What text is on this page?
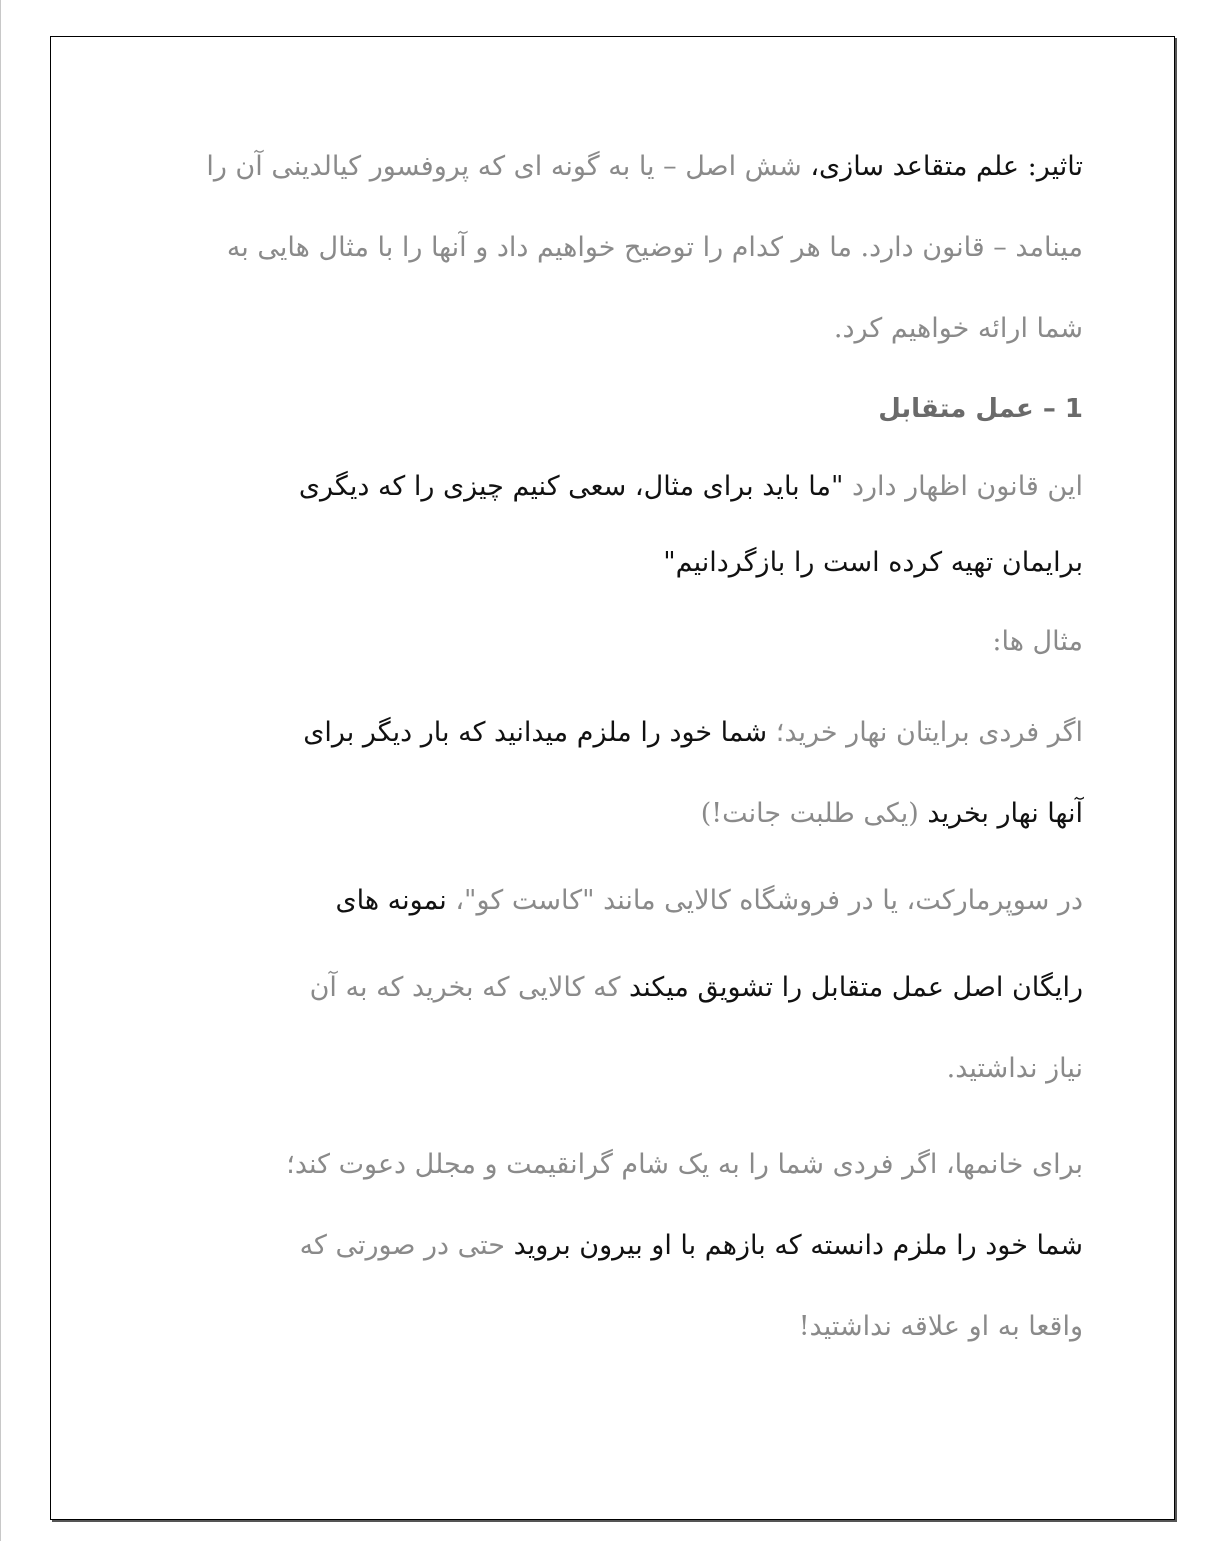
تاثیر: علم متقاعد سازی، شش اصل – یا به گونه ای که پروفسور کیالدینی آن را

مینامد – قانون دارد. ما هر کدام را توضیح خواهیم داد و آنها را با مثال هایی به

شما ارائه خواهیم کرد.

1 – عمل متقابل

این قانون اظهار دارد "ما باید برای مثال، سعی کنیم چیزی را که دیگری

برایمان تهیه کرده است را بازگردانیم"

مثال ها:

اگر فردی برایتان نهار خرید؛ شما خود را ملزم میدانید که بار دیگر برای

آنها نهار بخرید (یکی طلبت جانت!)

در سوپرمارکت، یا در فروشگاه کالایی مانند "کاست کو"، نمونه های

رایگان اصل عمل متقابل را تشویق میکند که کالایی که بخرید که به آن

نیاز نداشتید.

برای خانمها، اگر فردی شما را به یک شام گرانقیمت و مجلل دعوت کند؛

شما خود را ملزم دانسته که بازهم با او بیرون بروید حتی در صورتی که

واقعا به او علاقه نداشتید!
